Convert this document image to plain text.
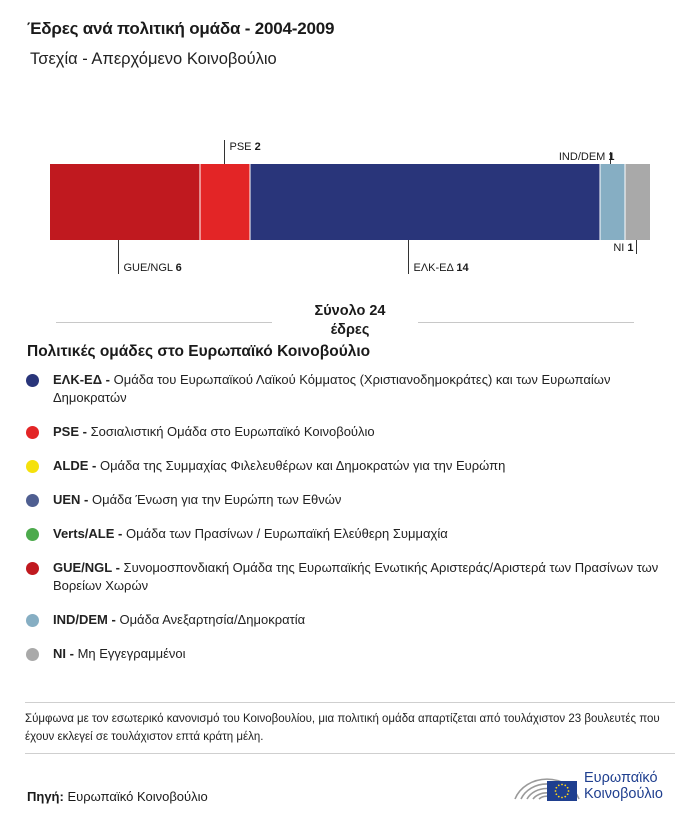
Έδρες ανά πολιτική ομάδα - 2004-2009
Τσεχία - Απερχόμενο Κοινοβούλιο
GUE/NGL 6
PSE 2
ΕΛΚ-ΕΔ 14
IND/DEM 1
NI 1
Σύνολο 24
έδρες
Πολιτικές ομάδες στο Ευρωπαϊκό Κοινοβούλιο
ΕΛΚ-ΕΔ - Ομάδα του Ευρωπαϊκού Λαϊκού Κόμματος (Χριστιανοδημοκράτες) και των Ευρωπαίων Δημοκρατών
PSE - Σοσιαλιστική Ομάδα στο Ευρωπαϊκό Κοινοβούλιο
ALDE - Ομάδα της Συμμαχίας Φιλελευθέρων και Δημοκρατών για την Ευρώπη
UEN - Ομάδα Ένωση για την Ευρώπη των Εθνών
Verts/ALE - Ομάδα των Πρασίνων / Ευρωπαϊκή Ελεύθερη Συμμαχία
GUE/NGL - Συνομοσπονδιακή Ομάδα της Ευρωπαϊκής Ενωτικής Αριστεράς/Αριστερά των Πρασίνων των Βορείων Χωρών
IND/DEM - Ομάδα Ανεξαρτησία/Δημοκρατία
NI - Μη Εγγεγραμμένοι
Σύμφωνα με τον εσωτερικό κανονισμό του Κοινοβουλίου, μια πολιτική ομάδα απαρτίζεται από τουλάχιστον 23 βουλευτές που έχουν εκλεγεί σε τουλάχιστον επτά κράτη μέλη.
Πηγή: Ευρωπαϊκό Κοινοβούλιο
Ευρωπαϊκό
Κοινοβούλιο
